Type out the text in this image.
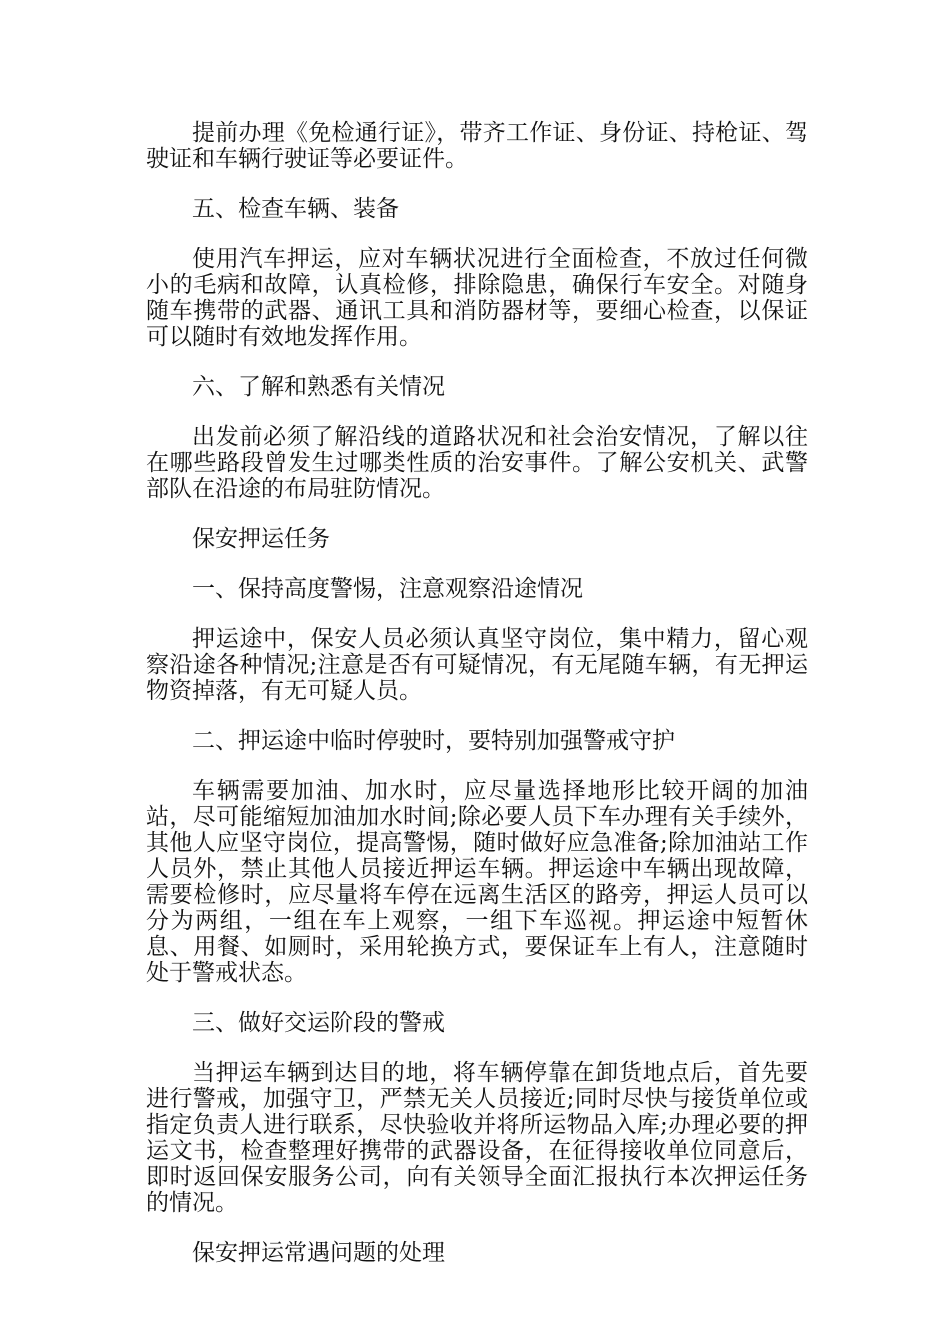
提前办理《免检通行证》，带齐工作证、身份证、持枪证、驾驶证和车辆行驶证等必要证件。

五、检查车辆、装备

使用汽车押运，应对车辆状况进行全面检查，不放过任何微小的毛病和故障，认真检修，排除隐患，确保行车安全。对随身随车携带的武器、通讯工具和消防器材等，要细心检查，以保证可以随时有效地发挥作用。

六、了解和熟悉有关情况

出发前必须了解沿线的道路状况和社会治安情况，了解以往在哪些路段曾发生过哪类性质的治安事件。了解公安机关、武警部队在沿途的布局驻防情况。

保安押运任务

一、保持高度警惕，注意观察沿途情况

押运途中，保安人员必须认真坚守岗位，集中精力，留心观察沿途各种情况;注意是否有可疑情况，有无尾随车辆，有无押运物资掉落，有无可疑人员。

二、押运途中临时停驶时，要特别加强警戒守护

车辆需要加油、加水时，应尽量选择地形比较开阔的加油站，尽可能缩短加油加水时间;除必要人员下车办理有关手续外，其他人应坚守岗位，提高警惕，随时做好应急准备;除加油站工作人员外，禁止其他人员接近押运车辆。押运途中车辆出现故障，需要检修时，应尽量将车停在远离生活区的路旁，押运人员可以分为两组，一组在车上观察，一组下车巡视。押运途中短暂休息、用餐、如厕时，采用轮换方式，要保证车上有人，注意随时处于警戒状态。

三、做好交运阶段的警戒

当押运车辆到达目的地，将车辆停靠在卸货地点后，首先要进行警戒，加强守卫，严禁无关人员接近;同时尽快与接货单位或指定负责人进行联系，尽快验收并将所运物品入库;办理必要的押运文书，检查整理好携带的武器设备，在征得接收单位同意后，即时返回保安服务公司，向有关领导全面汇报执行本次押运任务的情况。

保安押运常遇问题的处理
